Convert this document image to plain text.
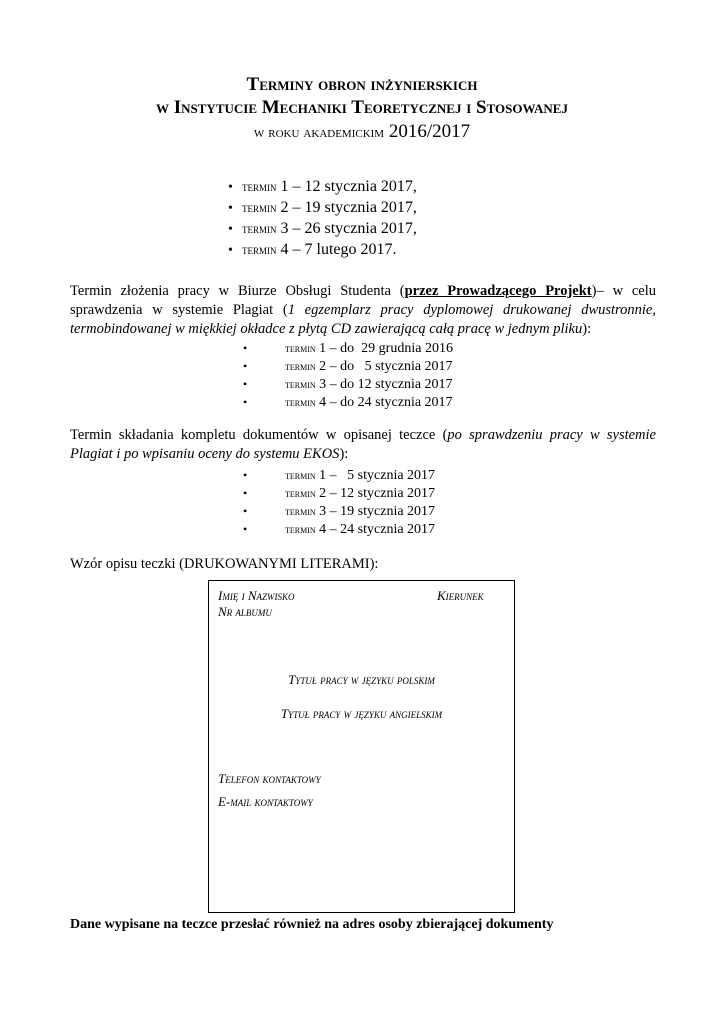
Terminy obron inżynierskich
w Instytucie Mechaniki Teoretycznej i Stosowanej
w roku akademickim 2016/2017
• termin 1 – 12 stycznia 2017,
• termin 2 – 19 stycznia 2017,
• termin 3 – 26 stycznia 2017,
• termin 4 – 7 lutego 2017.
Termin złożenia pracy w Biurze Obsługi Studenta (przez Prowadzącego Projekt)– w celu sprawdzenia w systemie Plagiat (1 egzemplarz pracy dyplomowej drukowanej dwustronnie, termobindowanej w miękkiej okładce z płytą CD zawierającą całą pracę w jednym pliku):
•	termin 1 – do  29 grudnia 2016
•	termin 2 – do   5 stycznia 2017
•	termin 3 – do 12 stycznia 2017
•	termin 4 – do 24 stycznia 2017
Termin składania kompletu dokumentów w opisanej teczce (po sprawdzeniu pracy w systemie Plagiat i po wpisaniu oceny do systemu EKOS):
•	termin 1 –   5 stycznia 2017
•	termin 2 – 12 stycznia 2017
•	termin 3 – 19 stycznia 2017
•	termin 4 – 24 stycznia 2017
Wzór opisu teczki (DRUKOWANYMI LITERAMI):
Imię i Nazwisko	Kierunek
Nr albumu
Tytuł pracy w języku polskim
Tytuł pracy w języku angielskim
Telefon kontaktowy
E-mail kontaktowy
Dane wypisane na teczce przesłać również na adres osoby zbierającej dokumenty
